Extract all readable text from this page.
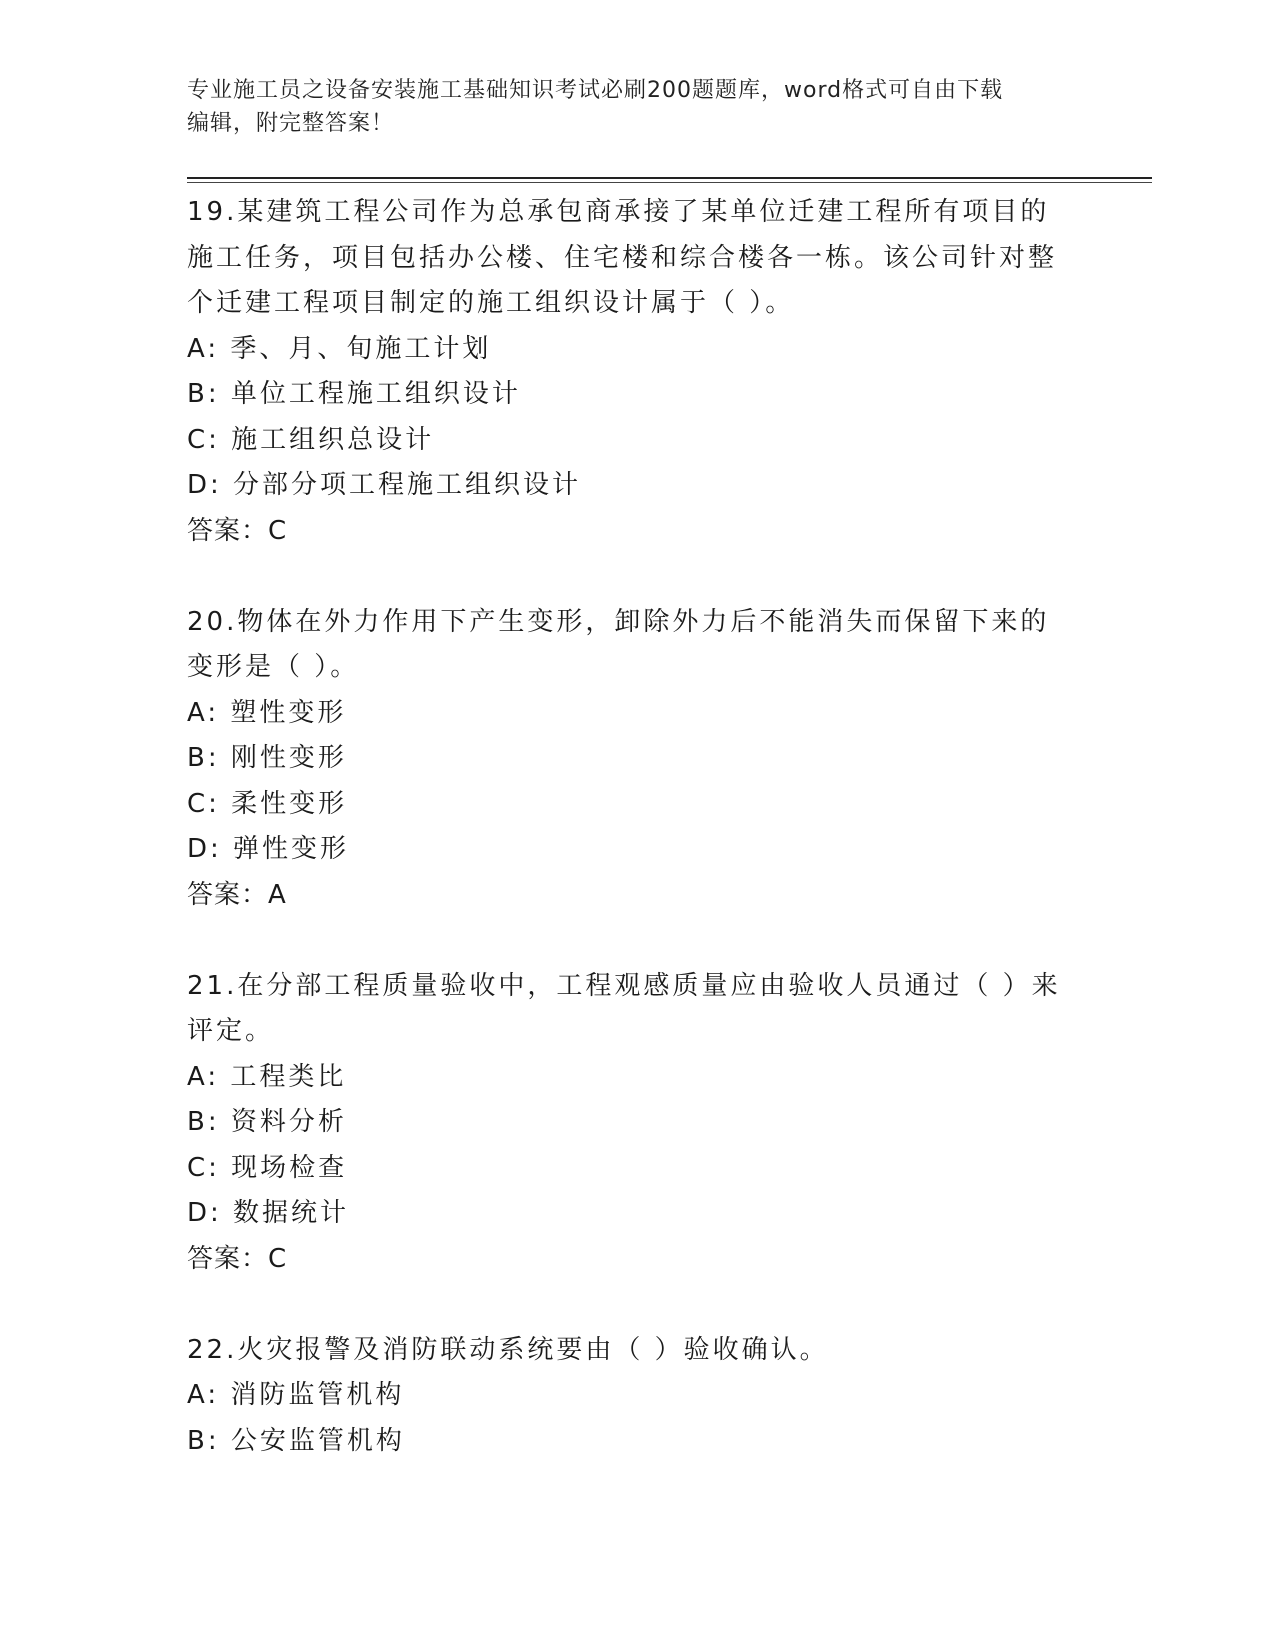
专业施工员之设备安装施工基础知识考试必刷200题题库，word格式可自由下载
编辑，附完整答案！

19.某建筑工程公司作为总承包商承接了某单位迁建工程所有项目的施工任务，项目包括办公楼、住宅楼和综合楼各一栋。该公司针对整个迁建工程项目制定的施工组织设计属于（ ）。

A: 季、月、旬施工计划

B: 单位工程施工组织设计

C: 施工组织总设计

D: 分部分项工程施工组织设计

答案：C

20.物体在外力作用下产生变形，卸除外力后不能消失而保留下来的变形是（ ）。

A: 塑性变形

B: 刚性变形

C: 柔性变形

D: 弹性变形

答案：A

21.在分部工程质量验收中，工程观感质量应由验收人员通过（ ）来评定。

A: 工程类比

B: 资料分析

C: 现场检查

D: 数据统计

答案：C

22.火灾报警及消防联动系统要由（ ）验收确认。

A: 消防监管机构

B: 公安监管机构
